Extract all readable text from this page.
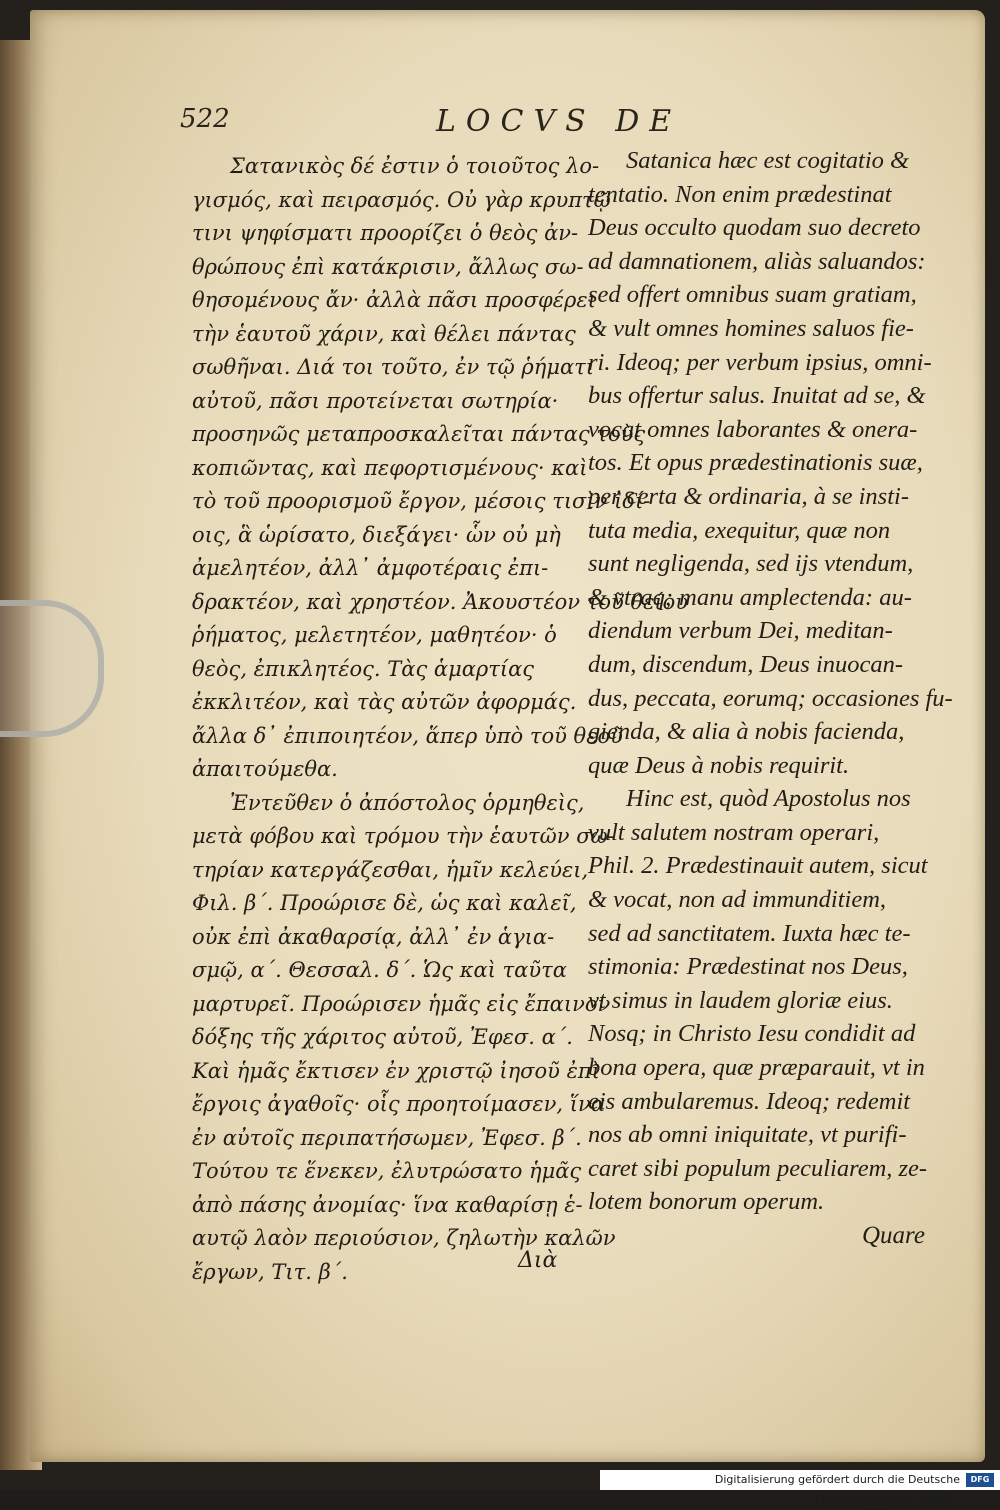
522	LOCVS DE
Σατανικὸς δέ ἐστιν ὁ τοιοῦτος λο-
γισμός, καὶ πειρασμός. Οὐ γὰρ κρυπτῷ
τινι ψηφίσματι προορίζει ὁ θεὸς ἀν-
θρώπους ἐπὶ κατάκρισιν, ἄλλως σω-
θησομένους ἄν· ἀλλὰ πᾶσι προσφέρει
τὴν ἑαυτοῦ χάριν, καὶ θέλει πάντας
σωθῆναι. Διά τοι τοῦτο, ἐν τῷ ῥήματι
αὐτοῦ, πᾶσι προτείνεται σωτηρία·
προσηνῶς μεταπροσκαλεῖται πάντας τοὺς
κοπιῶντας, καὶ πεφορτισμένους· καὶ
τὸ τοῦ προορισμοῦ ἔργον, μέσοις τισὶν ἰδί-
οις, ἃ ὡρίσατο, διεξάγει· ὧν οὐ μὴ
ἀμελητέον, ἀλλ᾽ ἀμφοτέραις ἐπι-
δρακτέον, καὶ χρηστέον. Ἀκουστέον τοῦ θείου
ῥήματος, μελετητέον, μαθητέον· ὁ
θεὸς, ἐπικλητέος. Τὰς ἁμαρτίας
ἐκκλιτέον, καὶ τὰς αὐτῶν ἀφορμάς.
ἄλλα δ᾽ ἐπιποιητέον, ἅπερ ὑπὸ τοῦ θεοῦ
ἀπαιτούμεθα.
Ἐντεῦθεν ὁ ἀπόστολος ὁρμηθεὶς,
μετὰ φόβου καὶ τρόμου τὴν ἑαυτῶν σω-
τηρίαν κατεργάζεσθαι, ἡμῖν κελεύει,
Φιλ. β΄. Προώρισε δὲ, ὡς καὶ καλεῖ,
οὐκ ἐπὶ ἀκαθαρσίᾳ, ἀλλ᾽ ἐν ἁγια-
σμῷ, α΄. Θεσσαλ. δ΄. Ὡς καὶ ταῦτα
μαρτυρεῖ. Προώρισεν ἡμᾶς εἰς ἔπαινον
δόξης τῆς χάριτος αὐτοῦ, Ἐφεσ. α΄.
Καὶ ἡμᾶς ἔκτισεν ἐν χριστῷ ἰησοῦ ἐπὶ
ἔργοις ἀγαθοῖς· οἷς προητοίμασεν, ἵνα
ἐν αὐτοῖς περιπατήσωμεν, Ἐφεσ. β΄.
Τούτου τε ἕνεκεν, ἐλυτρώσατο ἡμᾶς
ἀπὸ πάσης ἀνομίας· ἵνα καθαρίσῃ ἑ-
αυτῷ λαὸν περιούσιον, ζηλωτὴν καλῶν
ἔργων, Τιτ. β΄.
Satanica hæc est cogitatio &
tentatio. Non enim prædestinat
Deus occulto quodam suo decreto
ad damnationem, aliàs saluandos:
sed offert omnibus suam gratiam,
& vult omnes homines saluos fie-
ri. Ideoq; per verbum ipsius, omni-
bus offertur salus. Inuitat ad se, &
vocat omnes laborantes & onera-
tos. Et opus prædestinationis suæ,
per certa & ordinaria, à se insti-
tuta media, exequitur, quæ non
sunt negligenda, sed ijs vtendum,
& vtraq; manu amplectenda: au-
diendum verbum Dei, meditan-
dum, discendum, Deus inuocan-
dus, peccata, eorumq; occasiones fu-
gienda, & alia à nobis facienda,
quæ Deus à nobis requirit.
Hinc est, quòd Apostolus nos
vult salutem nostram operari,
Phil. 2. Prædestinauit autem, sicut
& vocat, non ad immunditiem,
sed ad sanctitatem. Iuxta hæc te-
stimonia: Prædestinat nos Deus,
vt simus in laudem gloriæ eius.
Nosq; in Christo Iesu condidit ad
bona opera, quæ præparauit, vt in
eis ambularemus. Ideoq; redemit
nos ab omni iniquitate, vt purifi-
caret sibi populum peculiarem, ze-
lotem bonorum operum.
Διὰ
Quare
Digitalisierung gefördert durch die Deutsche Forschungsgemeinschaft ·
DFG
